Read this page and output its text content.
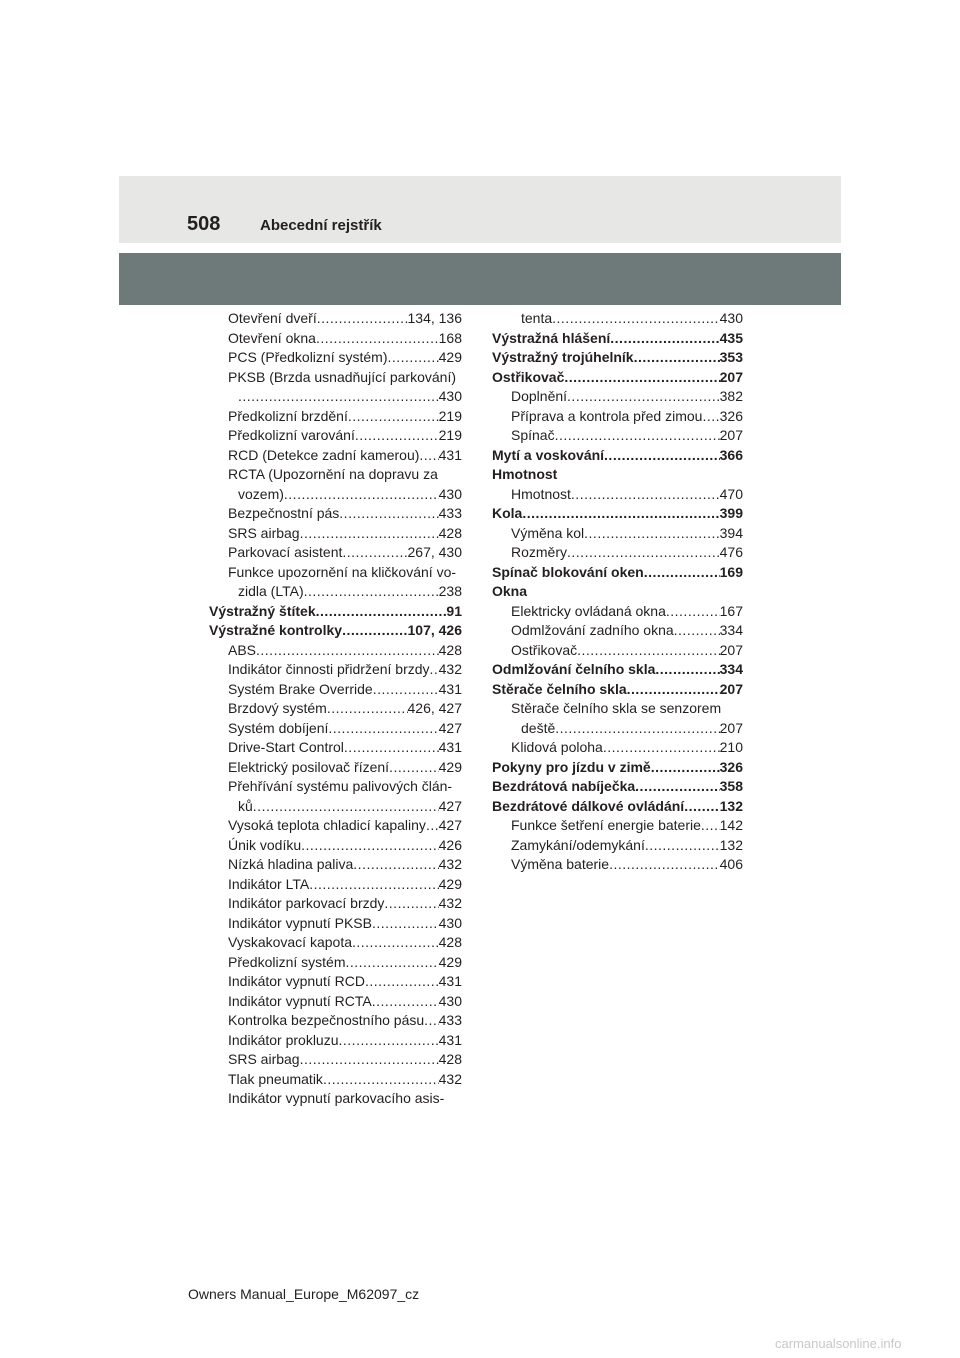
508	Abecední rejstřík
Otevření dveří .....	134, 136
Otevření okna .....	168
PCS (Předkolizní systém) .....	429
PKSB (Brzda usnadňující parkování)
.....
430
Předkolizní brzdění .....	219
Předkolizní varování .....	219
RCD (Detekce zadní kamerou) ..... 431
RCTA (Upozornění na dopravu za
vozem) .....	430
Bezpečnostní pás .....	433
SRS airbag .....	428
Parkovací asistent .....	267, 430
Funkce upozornění na kličkování vo-
zidla (LTA) .....	238
Výstražný štítek .....	91
Výstražné kontrolky .....	107, 426
ABS .....	428
Indikátor činnosti přidržení brzdy ..... 432
Systém Brake Override .....	431
Brzdový systém .....	426, 427
Systém dobíjení .....	427
Drive-Start Control .....	431
Elektrický posilovač řízení .....	429
Přehřívání systému palivových člán-
ků .....	427
Vysoká teplota chladicí kapaliny ..... 427
Únik vodíku .....	426
Nízká hladina paliva .....	432
Indikátor LTA .....	429
Indikátor parkovací brzdy .....	432
Indikátor vypnutí PKSB .....	430
Vyskakovací kapota .....	428
Předkolizní systém .....	429
Indikátor vypnutí RCD .....	431
Indikátor vypnutí RCTA .....	430
Kontrolka bezpečnostního pásu ..... 433
Indikátor prokluzu .....	431
SRS airbag .....	428
Tlak pneumatik .....	432
Indikátor vypnutí parkovacího asis-
tenta .....	430
Výstražná hlášení .....	435
Výstražný trojúhelník .....	353
Ostřikovač .....	207
Doplnění .....	382
Příprava a kontrola před zimou ..... 326
Spínač .....	207
Mytí a voskování .....	366
Hmotnost
Hmotnost .....	470
Kola .....	399
Výměna kol .....	394
Rozměry .....	476
Spínač blokování oken .....	169
Okna
Elektricky ovládaná okna .....	167
Odmlžování zadního okna .....	334
Ostřikovač .....	207
Odmlžování čelního skla .....	334
Stěrače čelního skla .....	207
Stěrače čelního skla se senzorem
deště .....	207
Klidová poloha .....	210
Pokyny pro jízdu v zimě .....	326
Bezdrátová nabíječka .....	358
Bezdrátové dálkové ovládání .....	132
Funkce šetření energie baterie ..... 142
Zamykání/odemykání .....	132
Výměna baterie .....	406
Owners Manual_Europe_M62097_cz
carmanualsonline.info
